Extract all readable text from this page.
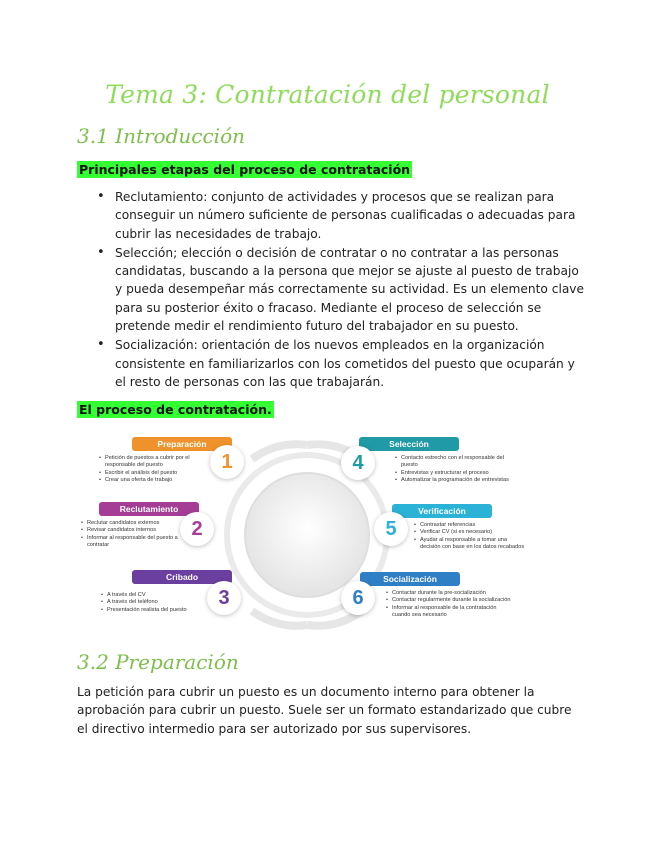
Tema 3: Contratación del personal
3.1 Introducción
Principales etapas del proceso de contratación
• Reclutamiento: conjunto de actividades y procesos que se realizan para conseguir un número suficiente de personas cualificadas o adecuadas para cubrir las necesidades de trabajo.
• Selección; elección o decisión de contratar o no contratar a las personas candidatas, buscando a la persona que mejor se ajuste al puesto de trabajo y pueda desempeñar más correctamente su actividad. Es un elemento clave para su posterior éxito o fracaso. Mediante el proceso de selección se pretende medir el rendimiento futuro del trabajador en su puesto.
• Socialización: orientación de los nuevos empleados en la organización consistente en familiarizarlos con los cometidos del puesto que ocuparán y el resto de personas con las que trabajarán.
El proceso de contratación.
Preparación
• Petición de puestos a cubrir por el responsable del puesto
• Escribir el análisis del puesto
• Crear una oferta de trabajo
1
Reclutamiento
• Reclutar candidatos externos
• Revisar candidatos internos
• Informar al responsable del puesto a contratar
2
Cribado
• A través del CV
• A través del teléfono
• Presentación realista del puesto
3
Selección
4	• Contacto estrecho con el responsable del puesto
• Entrevistas y estructurar el proceso
• Automatizar la programación de entrevistas
Verificación
5	• Contrastar referencias
• Verificar CV (si es necesario)
• Ayudar al responsable a tomar una decisión con base en los datos recabados
Socialización
6	• Contactar durante la pre-socialización
• Contactar regularmente durante la socialización
• Informar al responsable de la contratación cuando sea necesario
3.2 Preparación
La petición para cubrir un puesto es un documento interno para obtener la aprobación para cubrir un puesto. Suele ser un formato estandarizado que cubre el directivo intermedio para ser autorizado por sus supervisores.
